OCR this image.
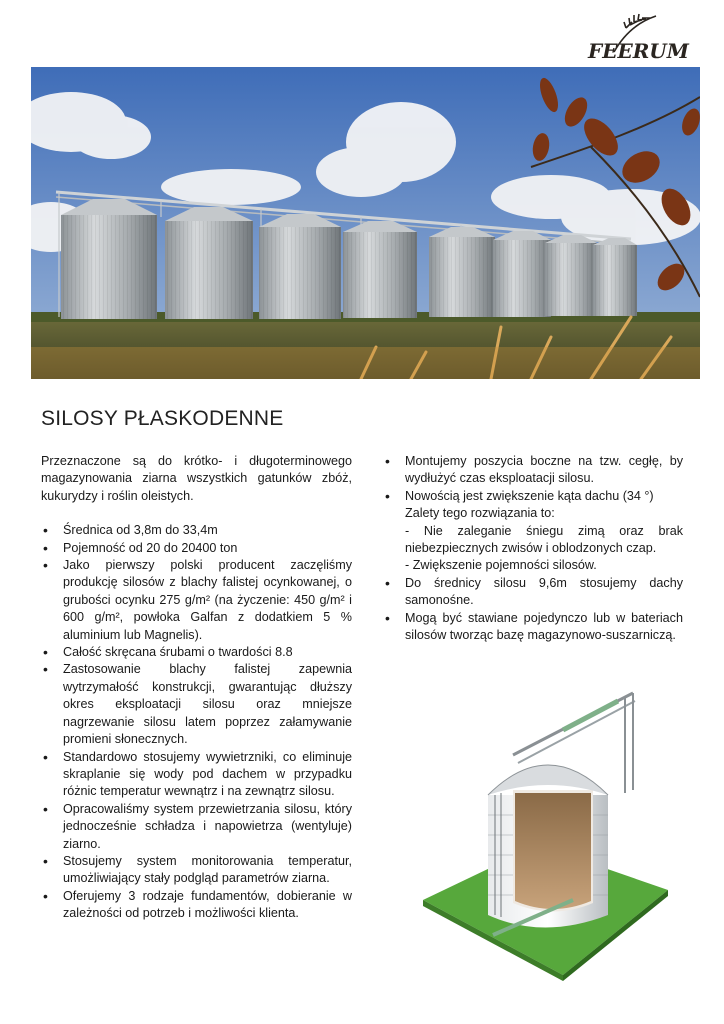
FEERUM
SILOSY PŁASKODENNE

Przeznaczone są do krótko- i długoterminowego magazynowania ziarna wszystkich gatunków zbóż, kukurydzy i roślin oleistych.

• Średnica od 3,8m do 33,4m
• Pojemność od 20 do 20400 ton
• Jako pierwszy polski producent zaczęliśmy produkcję silosów z blachy falistej ocynkowanej, o grubości ocynku 275 g/m² (na życzenie: 450 g/m² i 600 g/m², powłoka Galfan z dodatkiem 5 % aluminium lub Magnelis).
• Całość skręcana śrubami o twardości 8.8
• Zastosowanie blachy falistej zapewnia wytrzymałość konstrukcji, gwarantując dłuższy okres eksploatacji silosu oraz mniejsze nagrzewanie silosu latem poprzez załamywanie promieni słonecznych.
• Standardowo stosujemy wywietrzniki, co eliminuje skraplanie się wody pod dachem w przypadku różnic temperatur wewnątrz i na zewnątrz silosu.
• Opracowaliśmy system przewietrzania silosu, który jednocześnie schładza i napowietrza (wentyluje) ziarno.
• Stosujemy system monitorowania temperatur, umożliwiający stały podgląd parametrów ziarna.
• Oferujemy 3 rodzaje fundamentów, dobieranie w zależności od potrzeb i możliwości klienta.
• Montujemy poszycia boczne na tzw. cegłę, by wydłużyć czas eksploatacji silosu.
• Nowością jest zwiększenie kąta dachu (34 °)
Zalety tego rozwiązania to:
- Nie zaleganie śniegu zimą oraz brak niebezpiecznych zwisów i oblodzonych czap.
- Zwiększenie pojemności silosów.
• Do średnicy silosu 9,6m stosujemy dachy samonośne.
• Mogą być stawiane pojedynczo lub w bateriach silosów tworząc bazę magazynowo-suszarniczą.
